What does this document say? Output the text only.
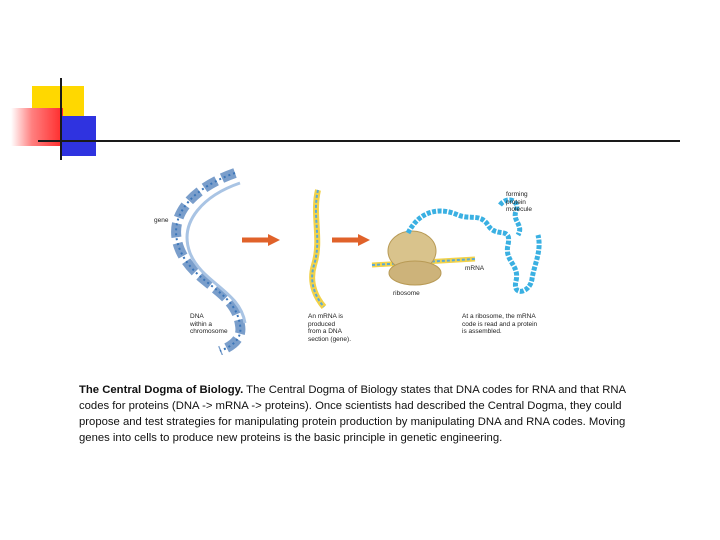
gene
DNA
within a
chromosome
An mRNA is
produced
from a DNA
section (gene).
ribosome
mRNA
forming
protein
molecule
At a ribosome, the mRNA
code is read and a protein
is assembled.
The Central Dogma of Biology. The Central Dogma of Biology states that DNA codes for RNA and that RNA codes for proteins (DNA -> mRNA -> proteins). Once scientists had described the Central Dogma, they could propose and test strategies for manipulating protein production by manipulating DNA and RNA codes. Moving genes into cells to produce new proteins is the basic principle in genetic engineering.
